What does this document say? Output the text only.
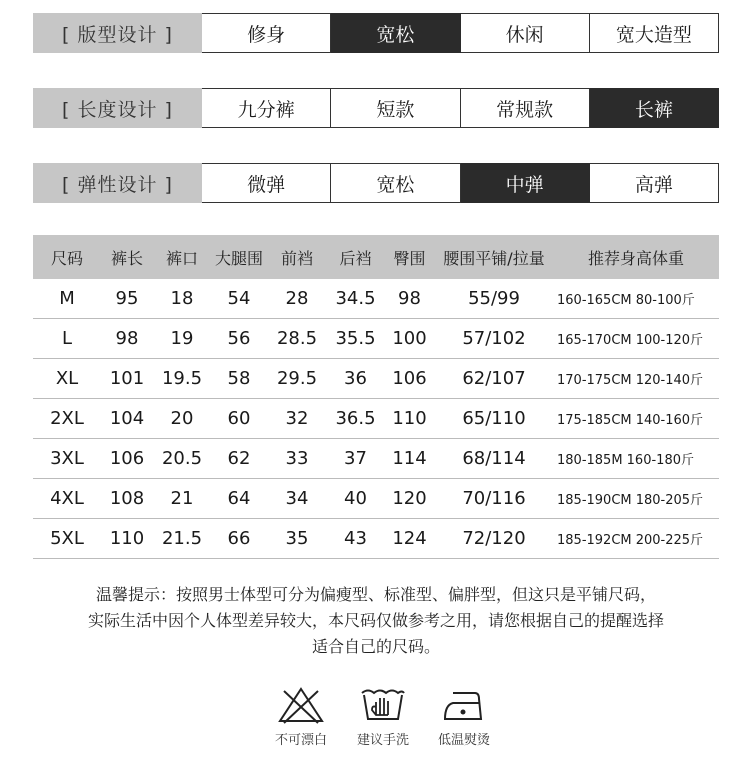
[ 版型设计 ]	修身	宽松	休闲	宽大造型
[ 长度设计 ]	九分裤	短款	常规款	长裤
[ 弹性设计 ]	微弹	宽松	中弹	高弹
尺码	裤长	裤口	大腿围	前裆	后裆	臀围	腰围平铺/拉量	推荐身高体重
M	95	18	54	28	34.5	98	55/99	160-165CM 80-100斤
L	98	19	56	28.5	35.5	100	57/102	165-170CM 100-120斤
XL	101	19.5	58	29.5	36	106	62/107	170-175CM 120-140斤
2XL	104	20	60	32	36.5	110	65/110	175-185CM 140-160斤
3XL	106	20.5	62	33	37	114	68/114	180-185M 160-180斤
4XL	108	21	64	34	40	120	70/116	185-190CM 180-205斤
5XL	110	21.5	66	35	43	124	72/120	185-192CM 200-225斤
温馨提示：按照男士体型可分为偏瘦型、标准型、偏胖型，但这只是平铺尺码，
实际生活中因个人体型差异较大，本尺码仅做参考之用，请您根据自己的提醒选择
适合自己的尺码。
不可漂白	建议手洗	低温熨烫
